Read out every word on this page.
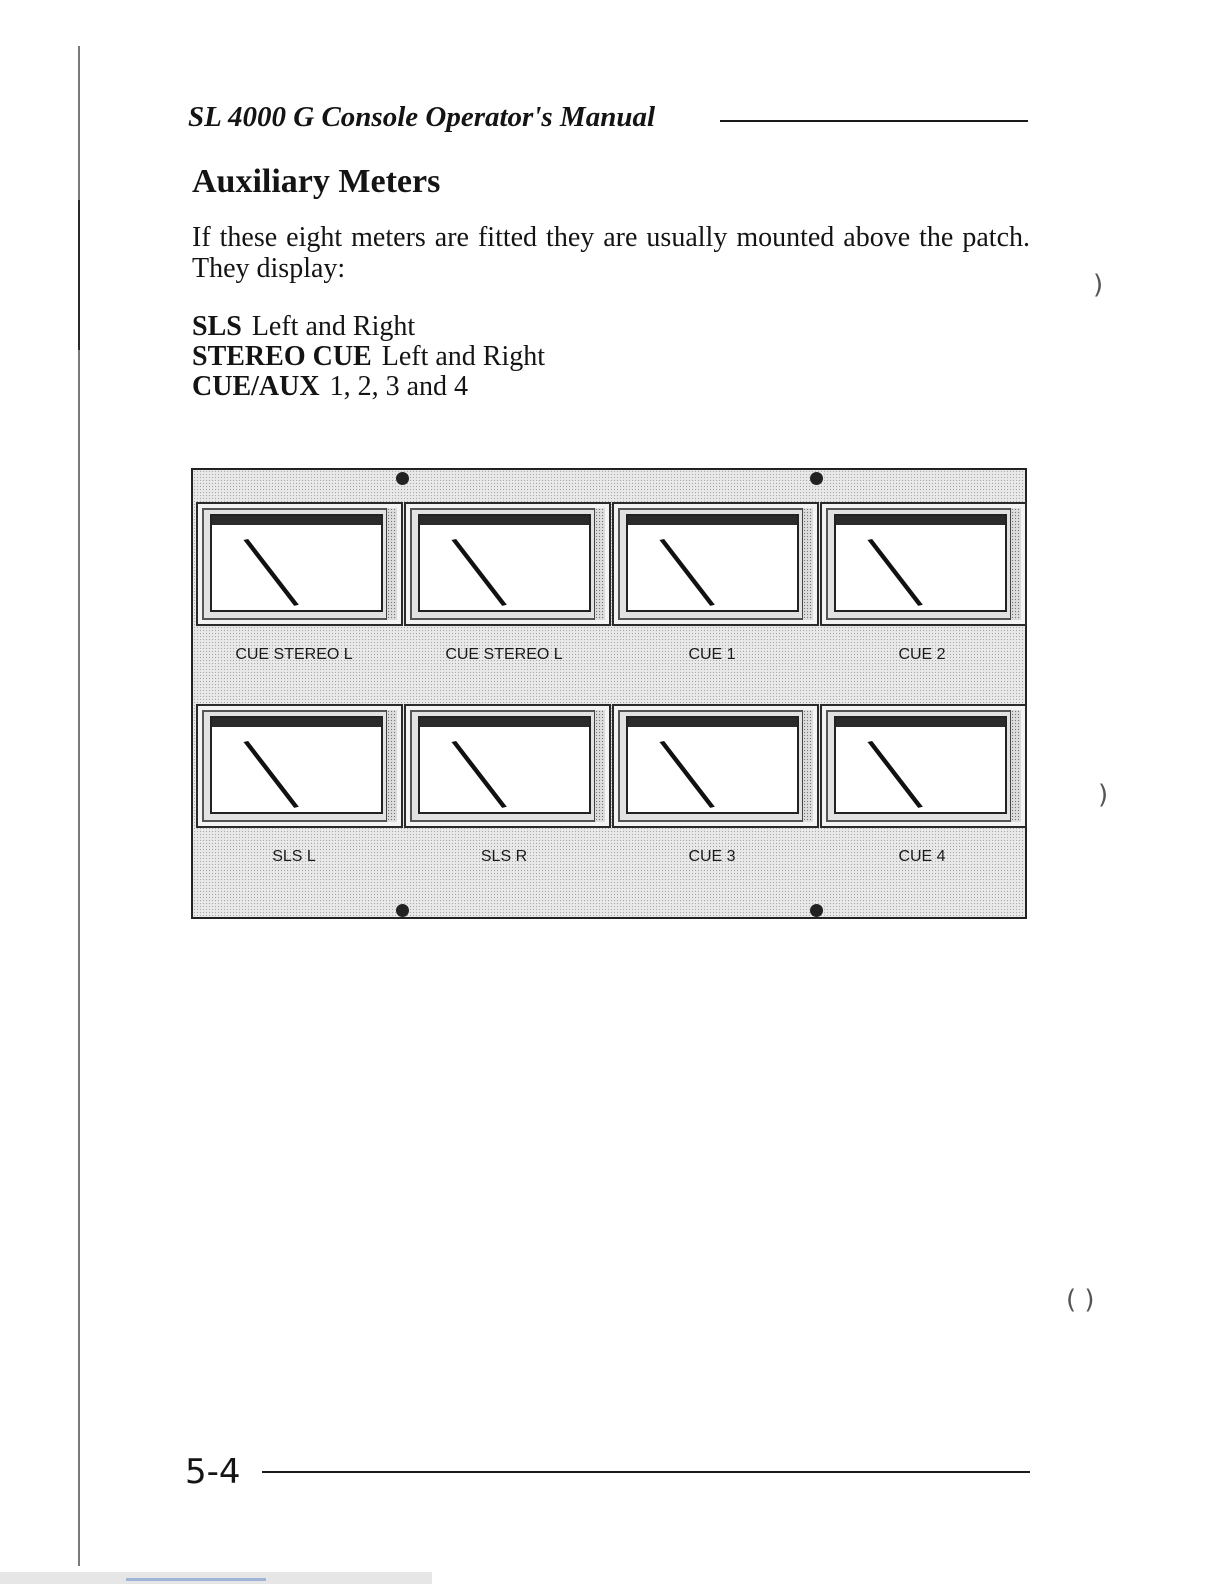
SL 4000 G Console Operator's Manual
Auxiliary Meters
If these eight meters are fitted they are usually mounted above the patch. They display:
SLS Left and Right
STEREO CUE Left and Right
CUE/AUX 1, 2, 3 and 4
)
)
( )
CUE STEREO L	CUE STEREO L	CUE 1	CUE 2
SLS L	SLS R	CUE 3	CUE 4
5-4
